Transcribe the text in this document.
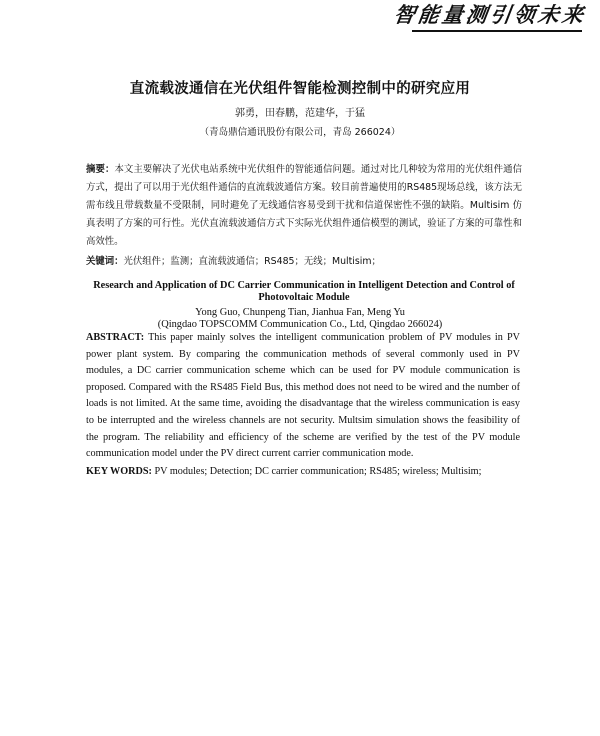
智能量测引领未来
直流载波通信在光伏组件智能检测控制中的研究应用
郭勇，田春鹏，范建华，于猛
（青岛鼎信通讯股份有限公司，青岛 266024）
摘要：本文主要解决了光伏电站系统中光伏组件的智能通信问题。通过对比几种较为常用的光伏组件通信方式，提出了可以用于光伏组件通信的直流载波通信方案。较目前普遍使用的RS485现场总线，该方法无需布线且带载数量不受限制，同时避免了无线通信容易受到干扰和信道保密性不强的缺陷。Multisim 仿真表明了方案的可行性。光伏直流载波通信方式下实际光伏组件通信模型的测试，验证了方案的可靠性和高效性。
关键词：光伏组件；监测；直流载波通信；RS485；无线；Multisim；
Research and Application of DC Carrier Communication in Intelligent Detection and Control of Photovoltaic Module
Yong Guo, Chunpeng Tian, Jianhua Fan, Meng Yu
(Qingdao TOPSCOMM Communication Co., Ltd, Qingdao 266024)
ABSTRACT: This paper mainly solves the intelligent communication problem of PV modules in PV power plant system. By comparing the communication methods of several commonly used in PV modules, a DC carrier communication scheme which can be used for PV module communication is proposed. Compared with the RS485 Field Bus, this method does not need to be wired and the number of loads is not limited. At the same time, avoiding the disadvantage that the wireless communication is easy to be interrupted and the wireless channels are not security. Multsim simulation shows the feasibility of the program. The reliability and efficiency of the scheme are verified by the test of the PV module communication model under the PV direct current carrier communication mode.
KEY WORDS: PV modules; Detection; DC carrier communication; RS485; wireless; Multisim;
